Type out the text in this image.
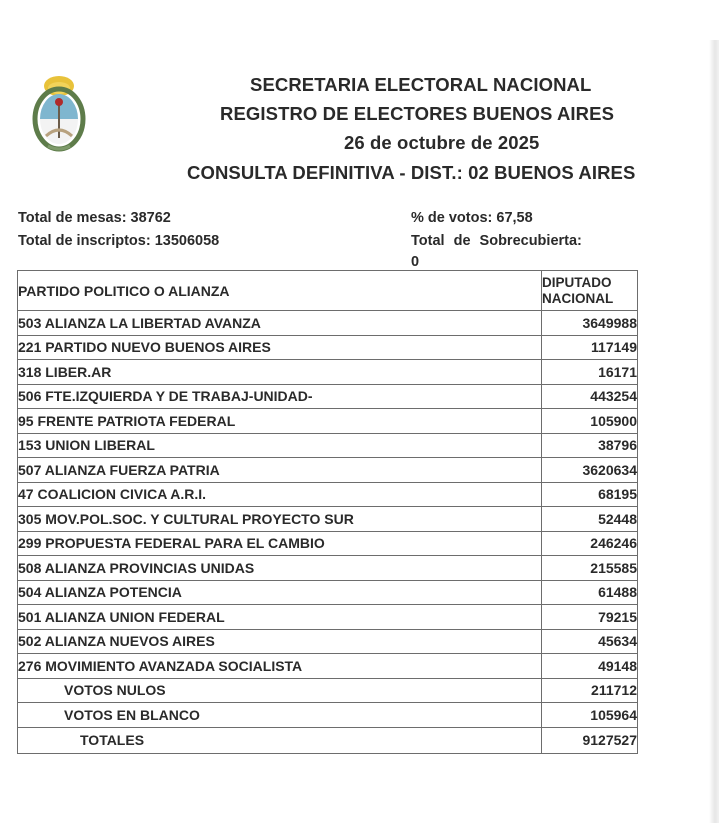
SECRETARIA ELECTORAL NACIONAL
REGISTRO DE ELECTORES BUENOS AIRES
26 de octubre de 2025
CONSULTA DEFINITIVA - DIST.: 02 BUENOS AIRES
Total de mesas: 38762
Total de inscriptos: 13506058
% de votos: 67,58
Total de Sobrecubierta:
0
PARTIDO POLITICO O ALIANZA	DIPUTADO
NACIONAL
503 ALIANZA LA LIBERTAD AVANZA	3649988
221 PARTIDO NUEVO BUENOS AIRES	117149
318 LIBER.AR	16171
506 FTE.IZQUIERDA Y DE TRABAJ-UNIDAD-	443254
95 FRENTE PATRIOTA FEDERAL	105900
153 UNION LIBERAL	38796
507 ALIANZA FUERZA PATRIA	3620634
47 COALICION CIVICA A.R.I.	68195
305 MOV.POL.SOC. Y CULTURAL PROYECTO SUR	52448
299 PROPUESTA FEDERAL PARA EL CAMBIO	246246
508 ALIANZA PROVINCIAS UNIDAS	215585
504 ALIANZA POTENCIA	61488
501 ALIANZA UNION FEDERAL	79215
502 ALIANZA NUEVOS AIRES	45634
276 MOVIMIENTO AVANZADA SOCIALISTA	49148
VOTOS NULOS	211712
VOTOS EN BLANCO	105964
TOTALES	9127527
